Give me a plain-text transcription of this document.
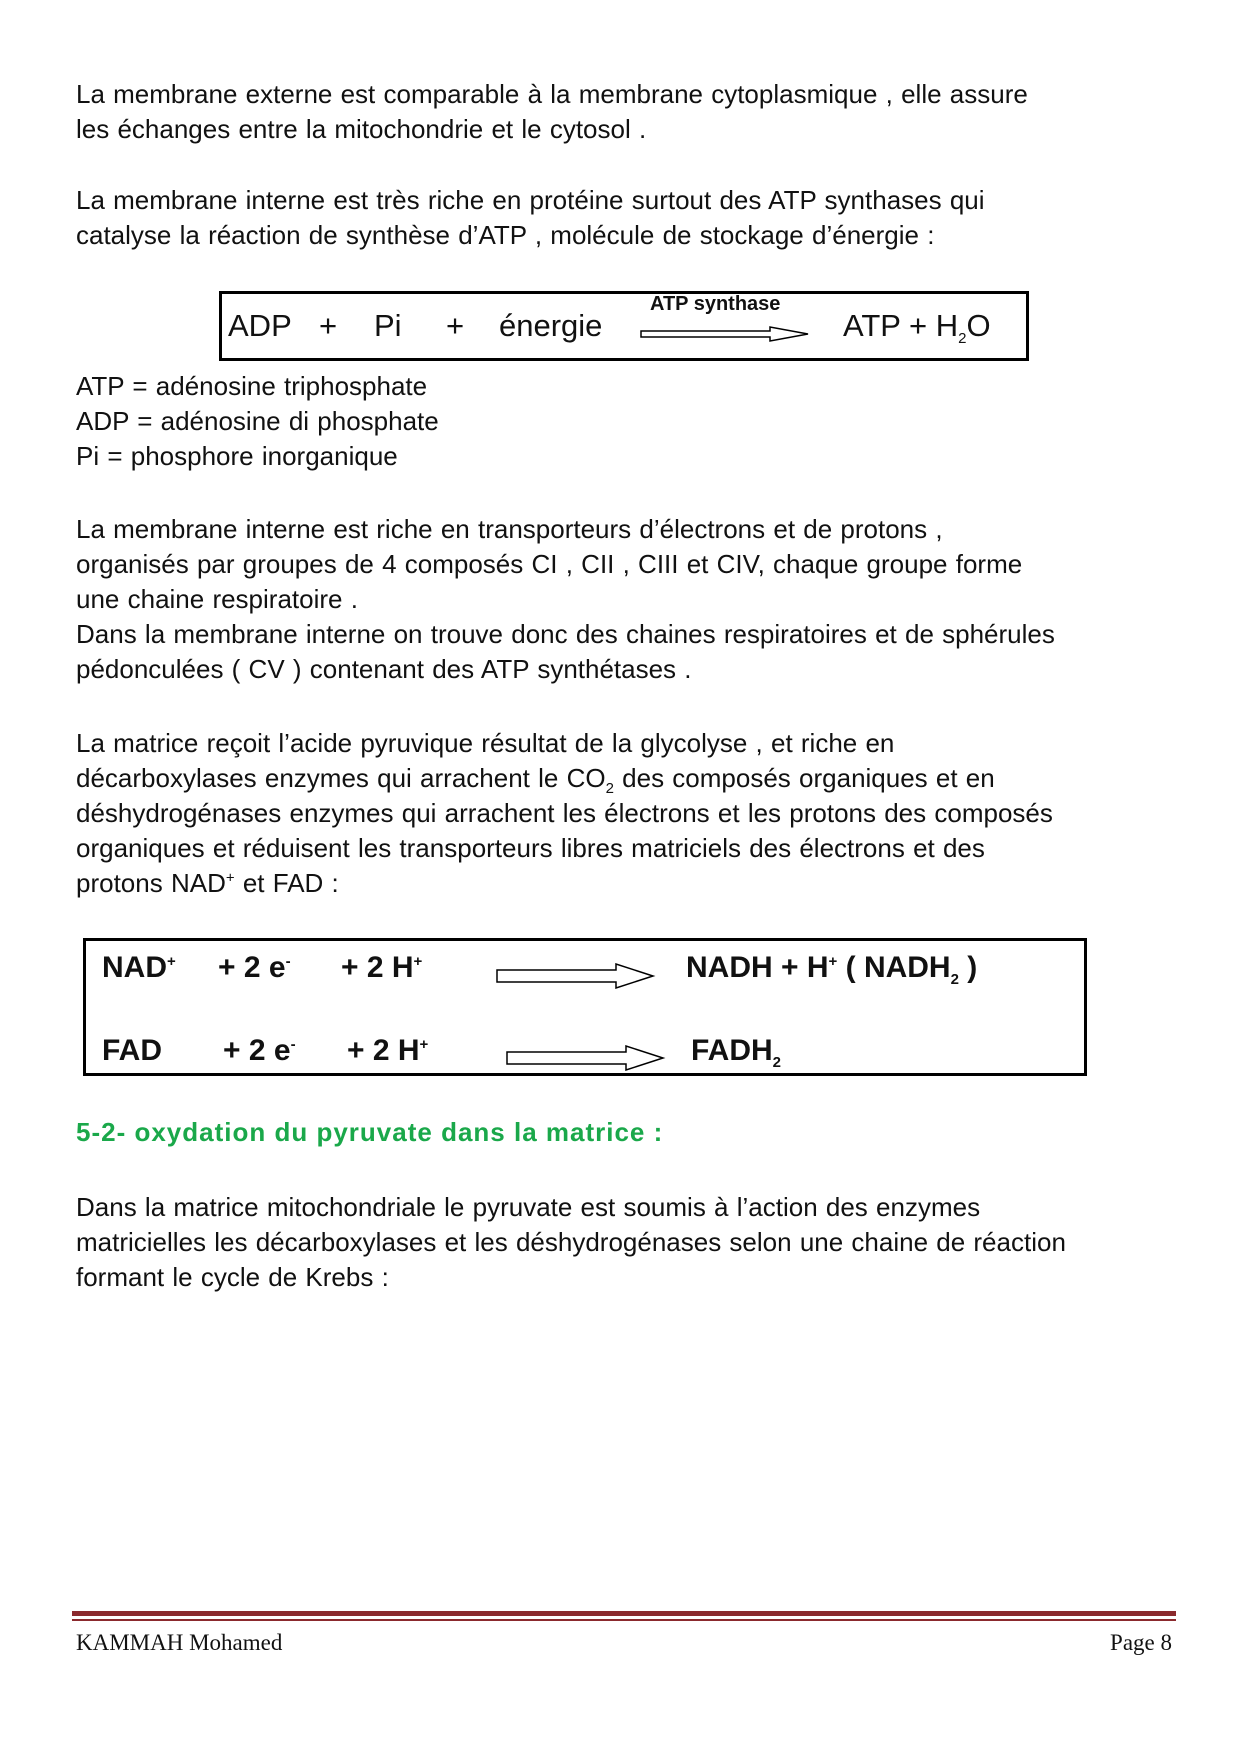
La membrane externe est comparable à la membrane cytoplasmique , elle assure
les échanges entre la mitochondrie et le cytosol .

La membrane interne est très riche en protéine surtout des ATP synthases qui
catalyse la réaction de synthèse d’ATP , molécule de stockage d’énergie :

ADP + Pi + énergie
ATP synthase
ATP + $H_2O$

ATP = adénosine triphosphate
ADP = adénosine di phosphate
Pi = phosphore inorganique

La membrane interne est riche en transporteurs d’électrons et de protons ,
organisés par groupes de 4 composés CI , CII , CIII et CIV, chaque groupe forme
une chaine respiratoire .
Dans la membrane interne on trouve donc des chaines respiratoires et de sphérules
pédonculées ( CV ) contenant des ATP synthétases .

La matrice reçoit l’acide pyruvique résultat de la glycolyse , et riche en
décarboxylases enzymes qui arrachent le $CO_2$ des composés organiques et en
déshydrogénases enzymes qui arrachent les électrons et les protons des composés
organiques et réduisent les transporteurs libres matriciels des électrons et des
protons NAD+ et FAD :

NAD+ + 2 e- + 2 H+	NADH + H+ ( $NADH_2$ )
FAD + 2 e- + 2 H+	$FADH_2$
5-2- oxydation du pyruvate dans la matrice :

Dans la matrice mitochondriale le pyruvate est soumis à l’action des enzymes
matricielles les décarboxylases et les déshydrogénases selon une chaine de réaction
formant le cycle de Krebs :

KAMMAH Mohamed	Page 8
